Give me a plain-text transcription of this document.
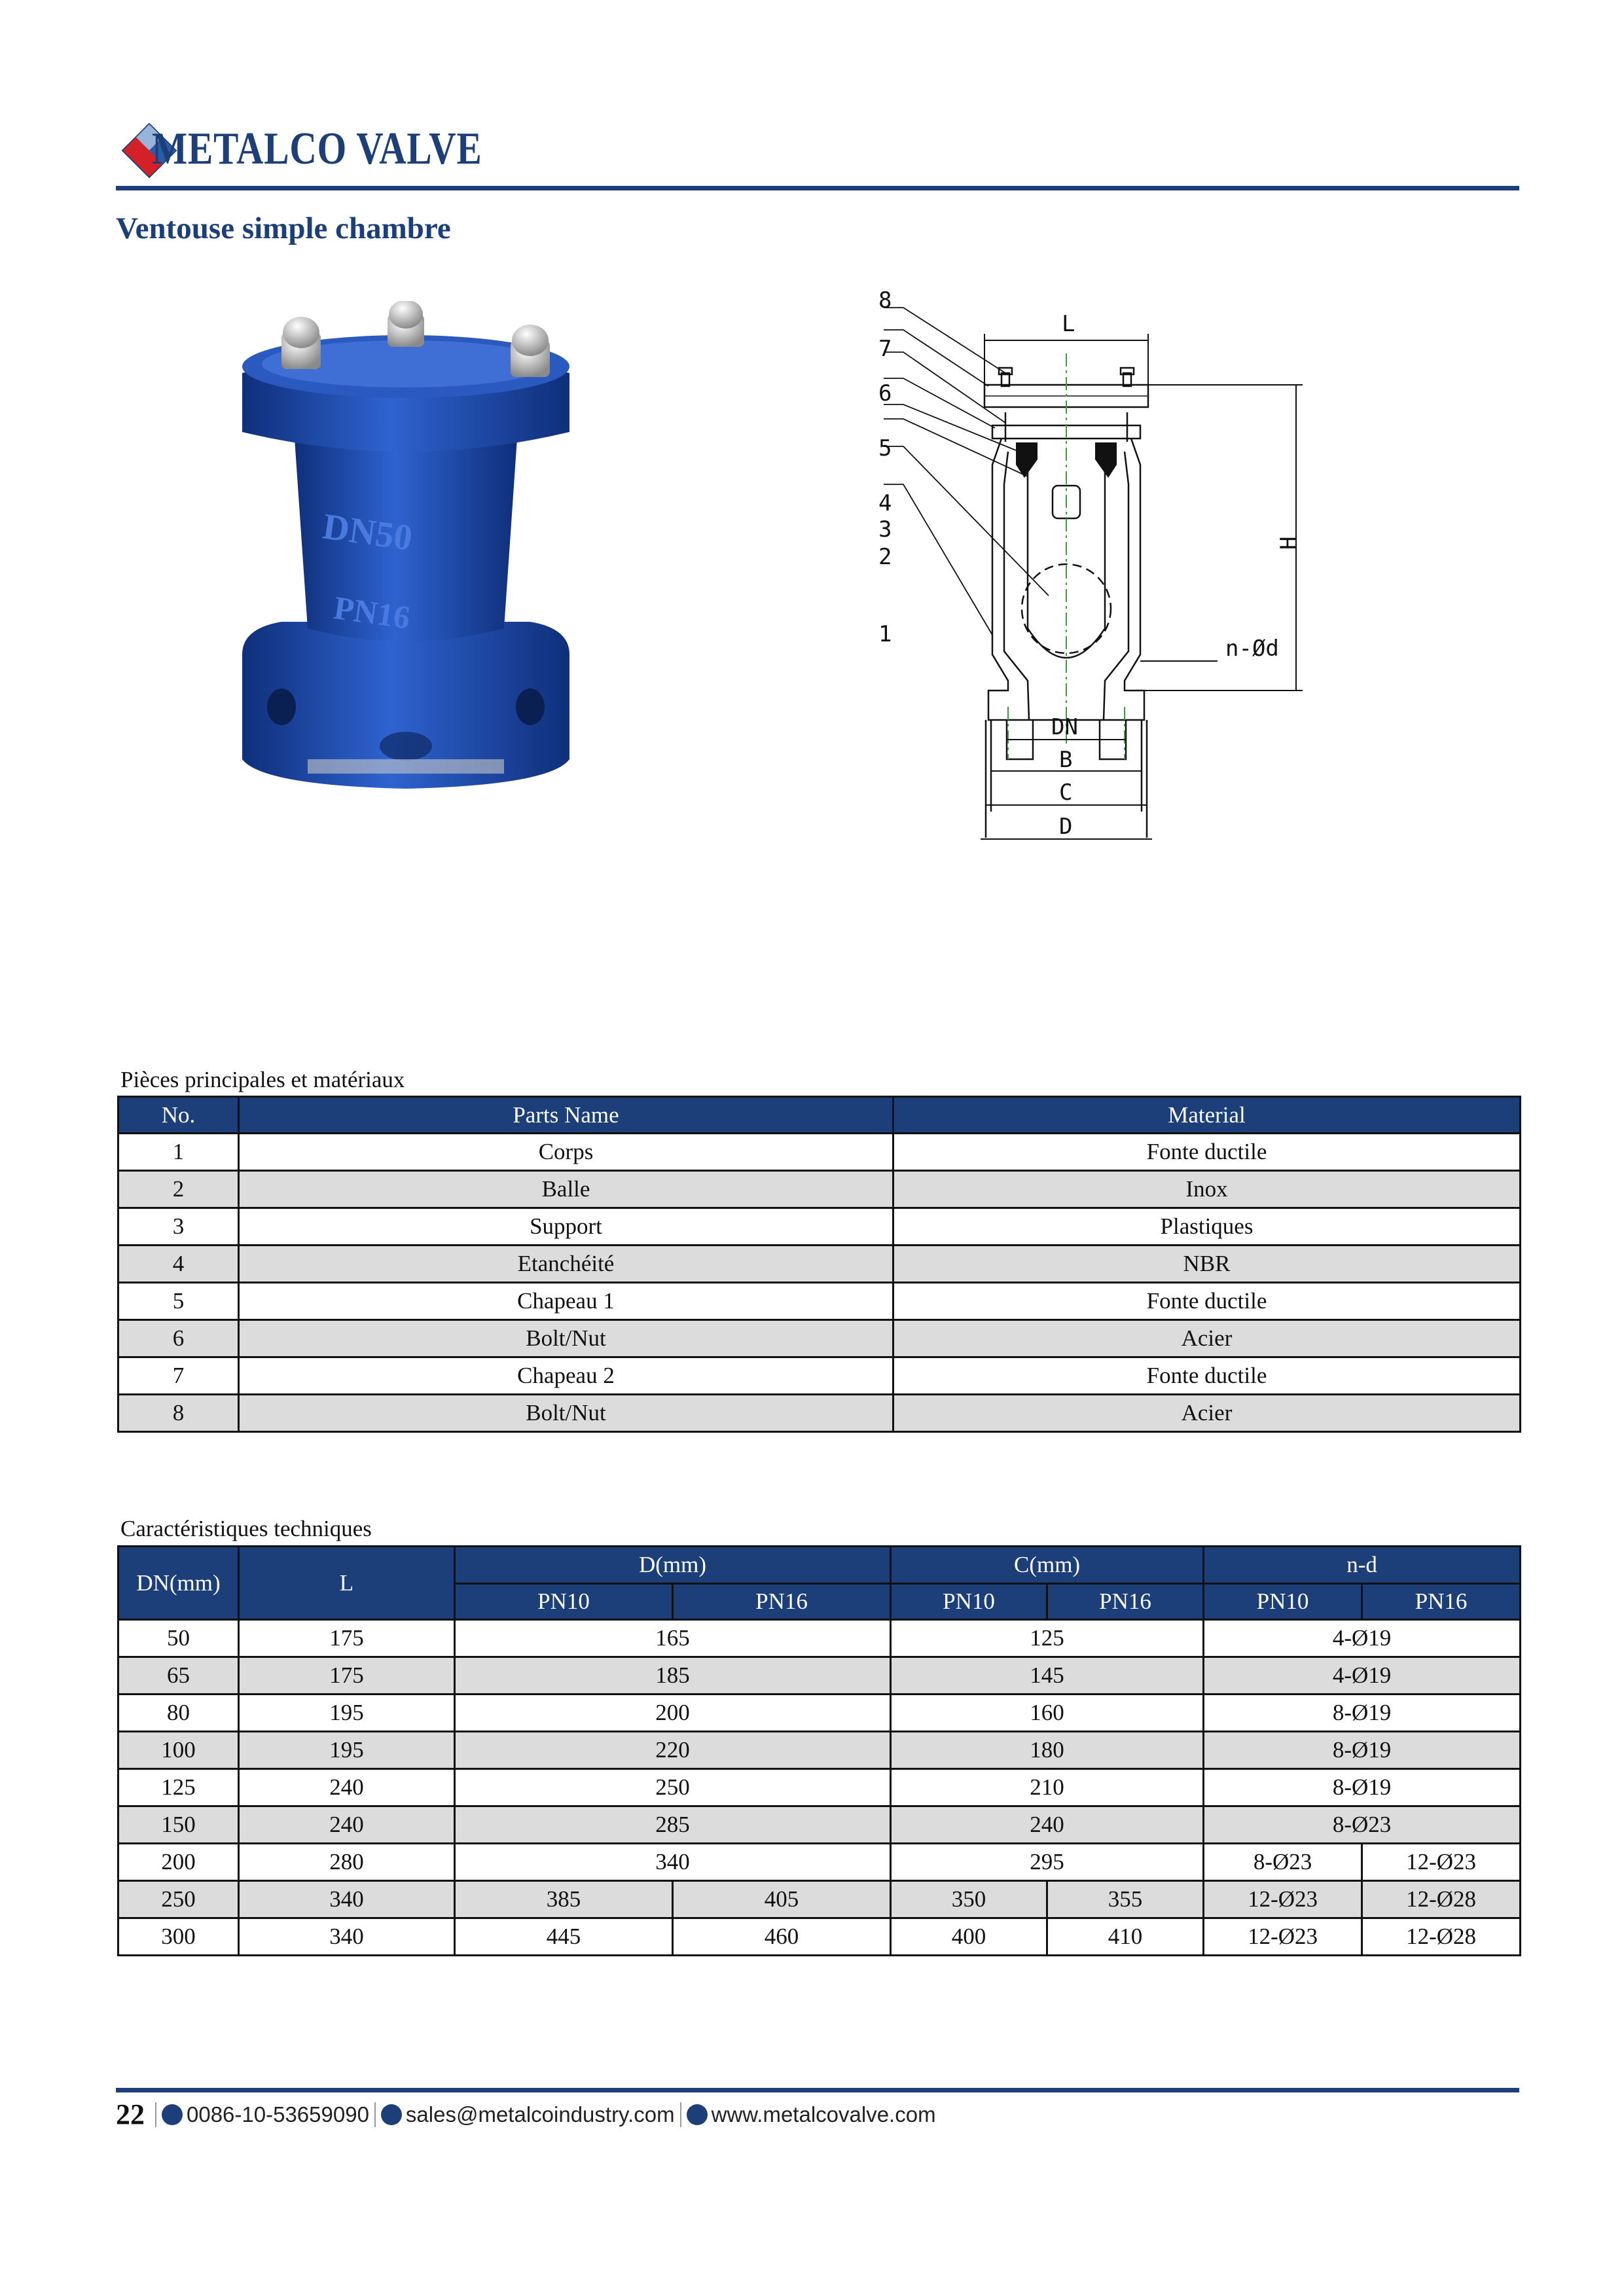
METALCO VALVE
Ventouse simple chambre
DN50
PN16
8
7
6
5
4
3
2
1
L
H
n-Ød
DN
B
C
D
Pièces principales et matériaux
No.	Parts Name	Material
1	Corps	Fonte ductile
2	Balle	Inox
3	Support	Plastiques
4	Etanchéité	NBR
5	Chapeau 1	Fonte ductile
6	Bolt/Nut	Acier
7	Chapeau 2	Fonte ductile
8	Bolt/Nut	Acier
Caractéristiques techniques
DN(mm)	L	D(mm)		C(mm)		n-d	
		PN10	PN16	PN10	PN16	PN10	PN16
50	175	165		125		4-Ø19	
65	175	185		145		4-Ø19	
80	195	200		160		8-Ø19	
100	195	220		180		8-Ø19	
125	240	250		210		8-Ø19	
150	240	285		240		8-Ø23	
200	280	340		295		8-Ø23	12-Ø23
250	340	385	405	350	355	12-Ø23	12-Ø28
300	340	445	460	400	410	12-Ø23	12-Ø28
22 0086-10-53659090 sales@metalcoindustry.com www.metalcovalve.com
